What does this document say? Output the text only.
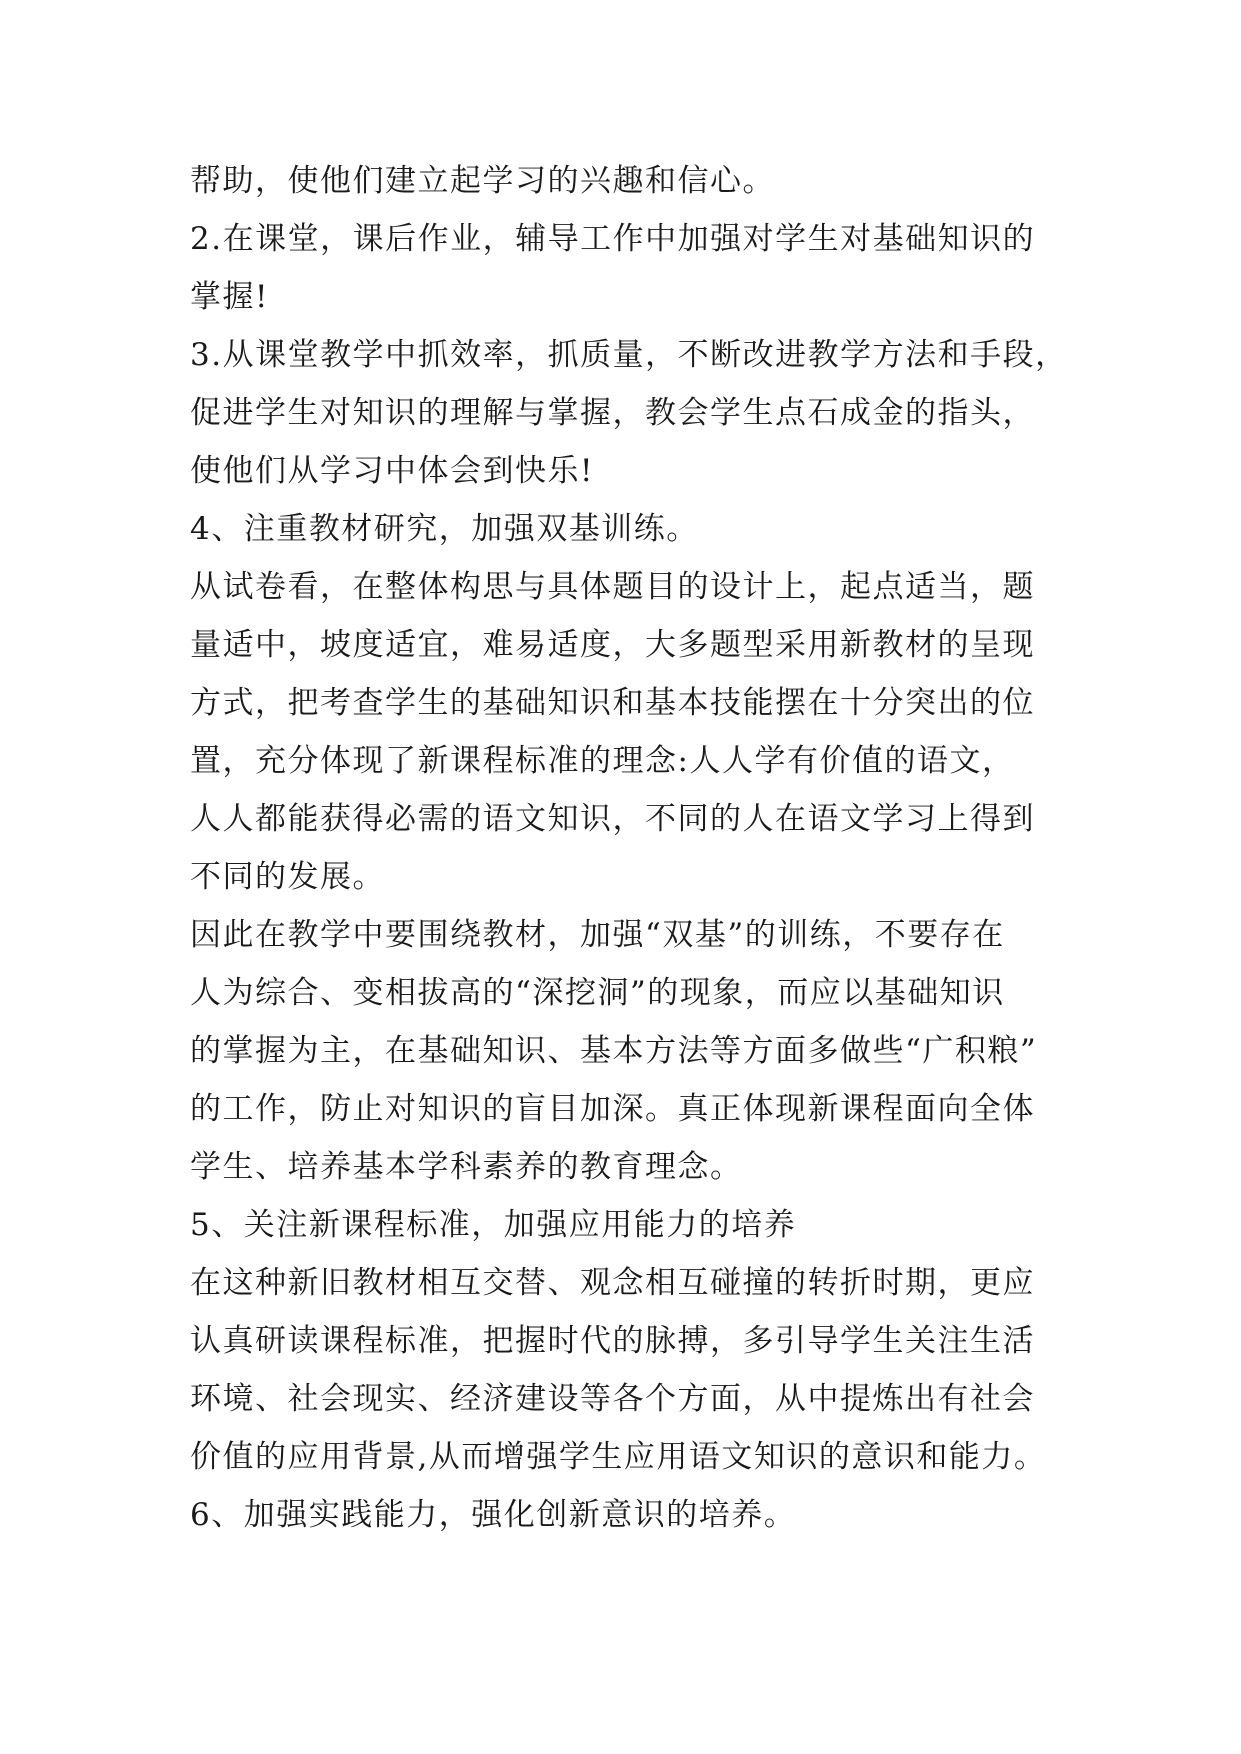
帮助，使他们建立起学习的兴趣和信心。
2.在课堂，课后作业，辅导工作中加强对学生对基础知识的
掌握!
3.从课堂教学中抓效率，抓质量，不断改进教学方法和手段，
促进学生对知识的理解与掌握，教会学生点石成金的指头，
使他们从学习中体会到快乐!
4、注重教材研究，加强双基训练。
从试卷看，在整体构思与具体题目的设计上，起点适当，题
量适中，坡度适宜，难易适度，大多题型采用新教材的呈现
方式，把考查学生的基础知识和基本技能摆在十分突出的位
置，充分体现了新课程标准的理念:人人学有价值的语文，
人人都能获得必需的语文知识，不同的人在语文学习上得到
不同的发展。
因此在教学中要围绕教材，加强“双基”的训练，不要存在
人为综合、变相拔高的“深挖洞”的现象，而应以基础知识
的掌握为主，在基础知识、基本方法等方面多做些“广积粮”
的工作，防止对知识的盲目加深。真正体现新课程面向全体
学生、培养基本学科素养的教育理念。
5、关注新课程标准，加强应用能力的培养
在这种新旧教材相互交替、观念相互碰撞的转折时期，更应
认真研读课程标准，把握时代的脉搏，多引导学生关注生活
环境、社会现实、经济建设等各个方面，从中提炼出有社会
价值的应用背景,从而增强学生应用语文知识的意识和能力。
6、加强实践能力，强化创新意识的培养。
